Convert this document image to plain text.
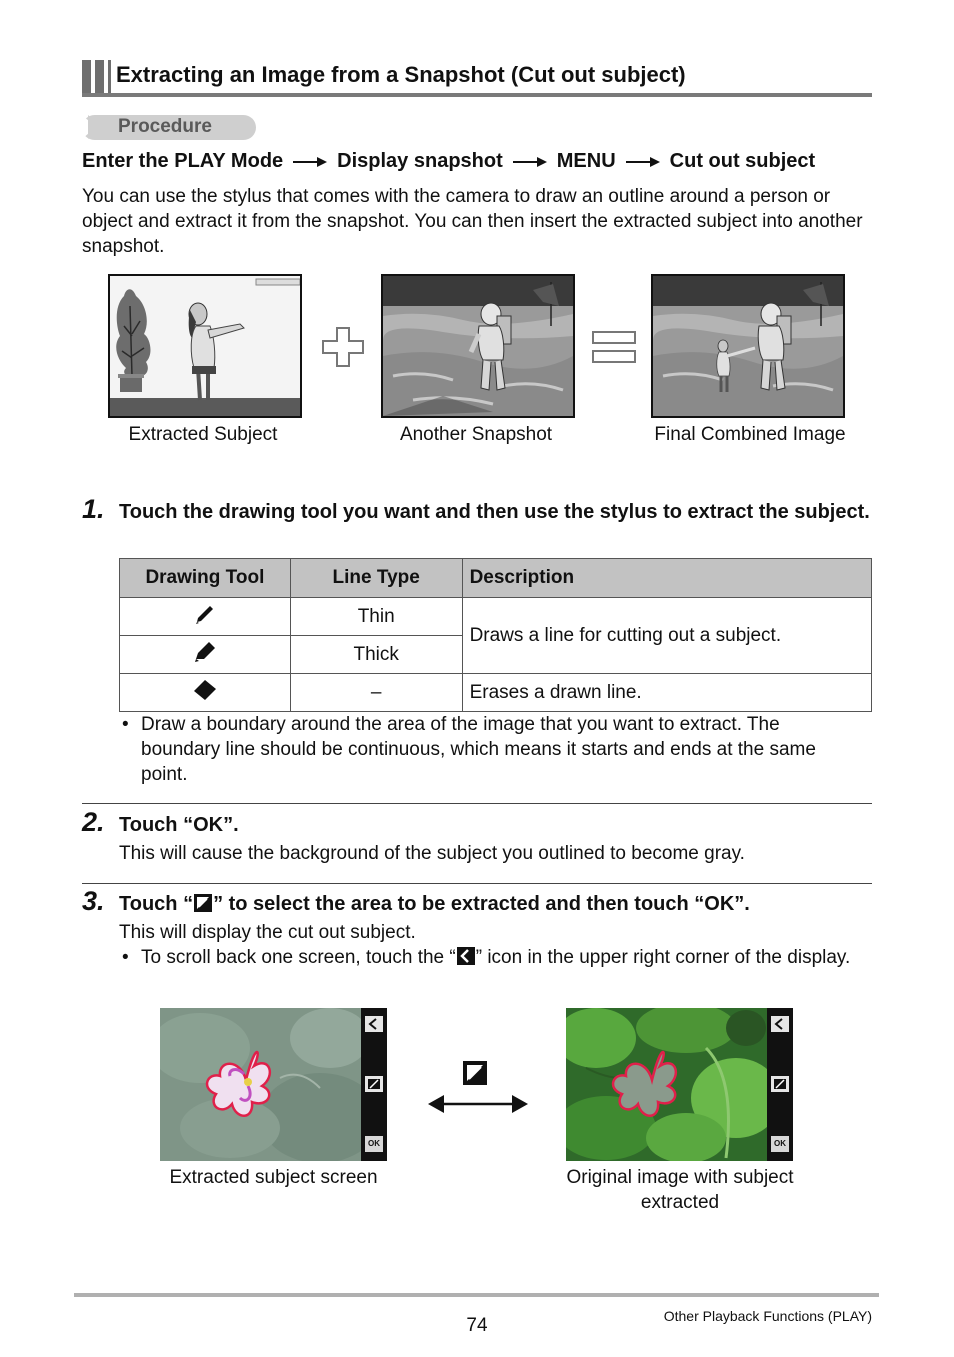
Extracting an Image from a Snapshot (Cut out subject)
Procedure
Enter the PLAY Mode	Display snapshot	MENU	Cut out subject
You can use the stylus that comes with the camera to draw an outline around a person or object and extract it from the snapshot. You can then insert the extracted subject into another snapshot.
Extracted Subject	Another Snapshot	Final Combined Image
1. Touch the drawing tool you want and then use the stylus to extract the subject.
Drawing Tool	Line Type	Description
	Thin	Draws a line for cutting out a subject.
	Thick	
	–	Erases a drawn line.
• Draw a boundary around the area of the image that you want to extract. The boundary line should be continuous, which means it starts and ends at the same point.
2. Touch “OK”.
This will cause the background of the subject you outlined to become gray.
3. Touch “ ” to select the area to be extracted and then touch “OK”.
This will display the cut out subject.
• To scroll back one screen, touch the “ ” icon in the upper right corner of the display.
OK	OK
Extracted subject screen	Original image with subject
extracted
74	Other Playback Functions (PLAY)
